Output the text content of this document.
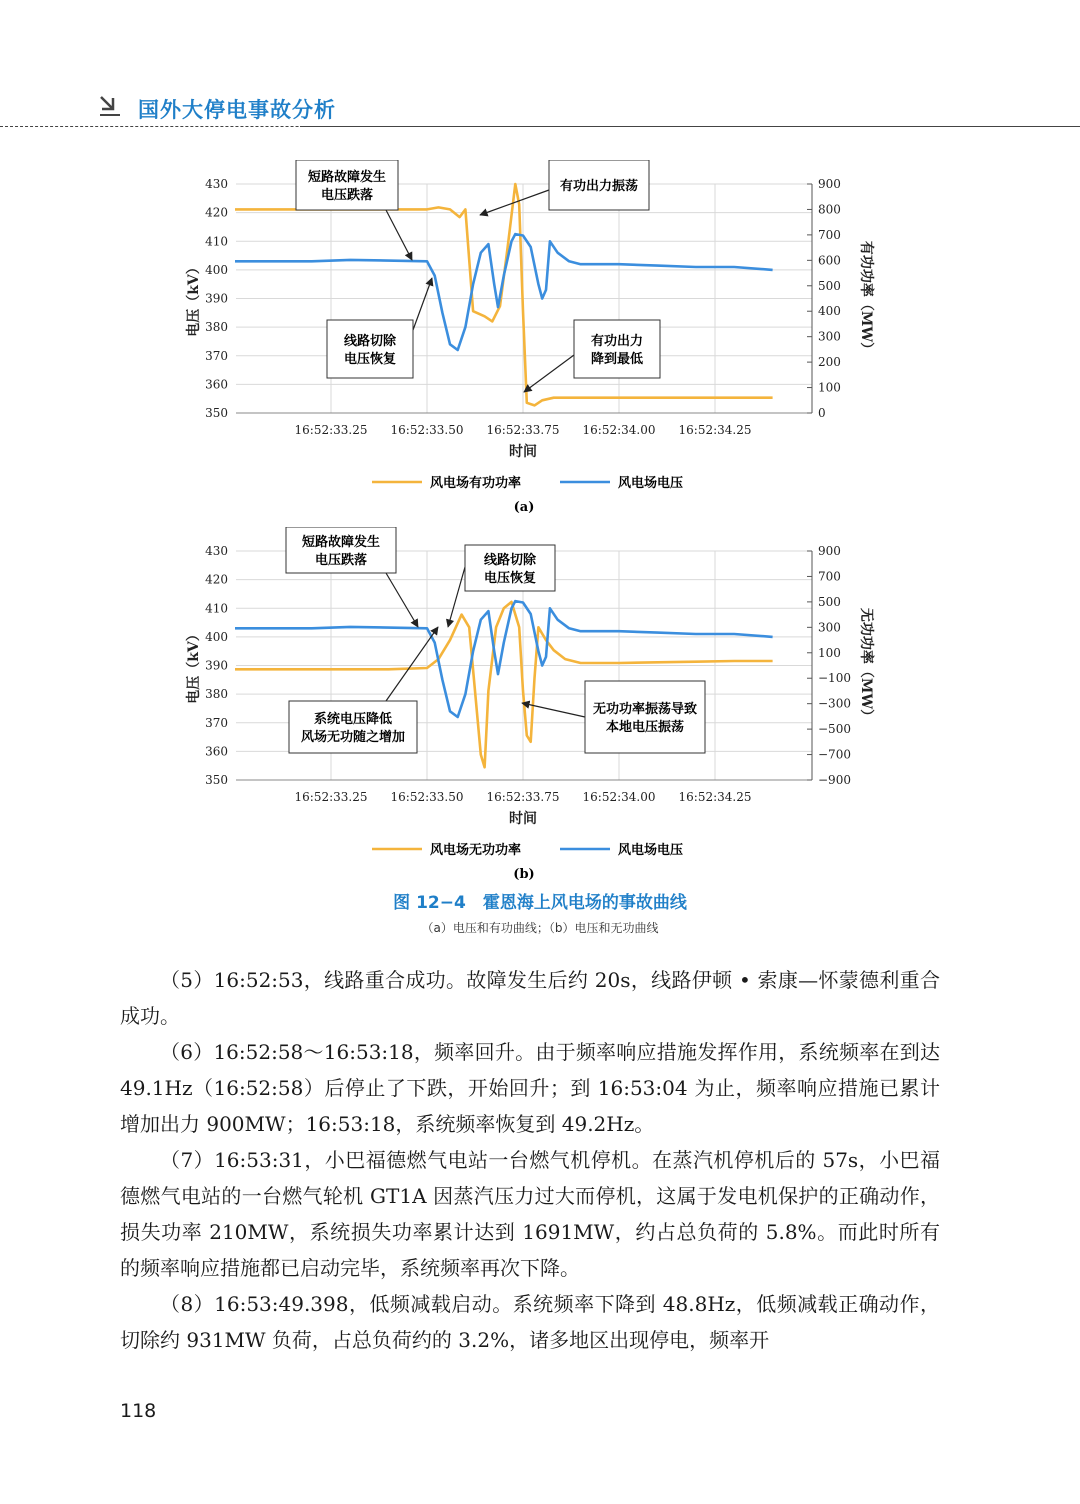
国外大停电事故分析
430
420
410
400
390
380
370
360
350
16:52:33.25 16:52:33.50 16:52:33.75 16:52:34.00 16:52:34.25
900
800
700
600
500
400
300
200
100
0
电压（kV）	有功功率（MW）
时间
短路故障发生
电压跌落
有功出力振荡
线路切除
电压恢复
有功出力
降到最低
风电场有功功率	风电场电压
(a)
430
420
410
400
390
380
370
360
350
16:52:33.25 16:52:33.50 16:52:33.75 16:52:34.00 16:52:34.25
900
700
500
300
100
−100
−300
−500
−700
−900
电压（kV）	无功功率（MW）
时间
短路故障发生
电压跌落	线路切除
电压恢复
系统电压降低
风场无功随之增加
无功功率振荡导致
本地电压振荡
风电场无功功率	风电场电压
(b)
图 12−4　霍恩海上风电场的事故曲线
（a）电压和有功曲线；（b）电压和无功曲线

（5）16:52:53，线路重合成功。故障发生后约 20s，线路伊顿 • 索康—怀蒙德利重合成功。

（6）16:52:58～16:53:18，频率回升。由于频率响应措施发挥作用，系统频率在到达 49.1Hz（16:52:58）后停止了下跌，开始回升；到 16:53:04 为止，频率响应措施已累计增加出力 900MW；16:53:18，系统频率恢复到 49.2Hz。

（7）16:53:31，小巴福德燃气电站一台燃气机停机。在蒸汽机停机后的 57s，小巴福德燃气电站的一台燃气轮机 GT1A 因蒸汽压力过大而停机，这属于发电机保护的正确动作，损失功率 210MW，系统损失功率累计达到 1691MW，约占总负荷的 5.8%。而此时所有的频率响应措施都已启动完毕，系统频率再次下降。

（8）16:53:49.398，低频减载启动。系统频率下降到 48.8Hz，低频减载正确动作，切除约 931MW 负荷，占总负荷约的 3.2%，诸多地区出现停电，频率开

118
